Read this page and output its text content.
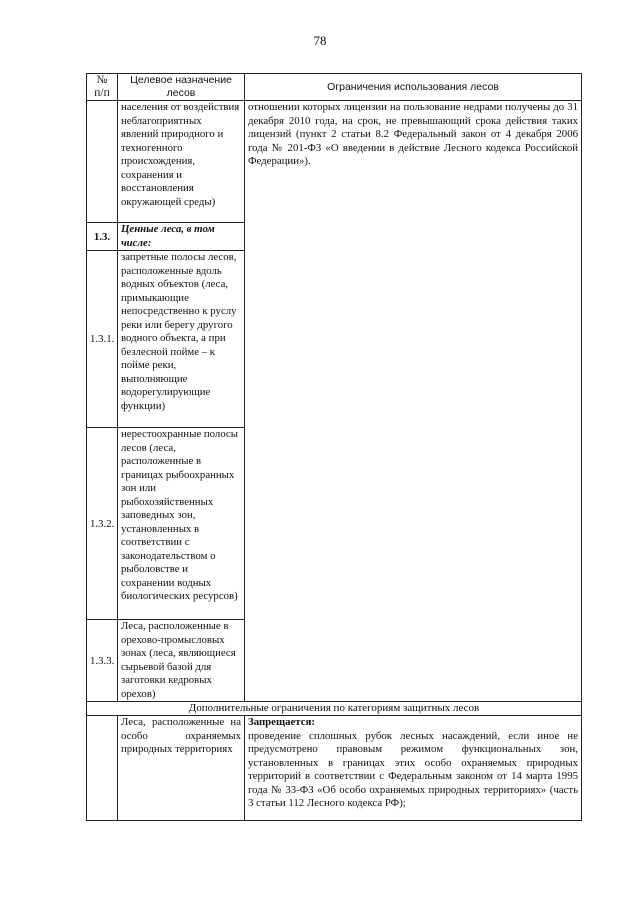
78
№
п/п	Целевое назначение лесов	Ограничения использования лесов
	населения от воздействия неблагоприятных явлений природного и техногенного происхождения, сохранения и восстановления окружающей среды)	отношении которых лицензии на пользование недрами получены до 31 декабря 2010 года, на срок, не превышающий срока действия таких лицензий (пункт 2 статьи 8.2 Федеральный закон от 4 декабря 2006 года № 201-ФЗ «О введении в действие Лесного кодекса Российской Федерации»).
1.3.	Ценные леса, в том числе:	
1.3.1.	запретные полосы лесов, расположенные вдоль водных объектов (леса, примыкающие непосредственно к руслу реки или берегу другого водного объекта, а при безлесной пойме – к пойме реки, выполняющие водорегулирующие функции)	
1.3.2.	нерестоохранные полосы лесов (леса, расположенные в границах рыбоохранных зон или рыбохозяйственных заповедных зон, установленных в соответствии с законодательством о рыболовстве и сохранении водных биологических ресурсов)	
1.3.3.	Леса, расположенные в орехово-промысловых зонах (леса, являющиеся сырьевой базой для заготовки кедровых орехов)	
Дополнительные ограничения по категориям защитных лесов		
	Леса, расположенные на особо охраняемых природных территориях	Запрещается:
проведение сплошных рубок лесных насаждений, если иное не предусмотрено правовым режимом функциональных зон, установленных в границах этих особо охраняемых природных территорий в соответствии с Федеральным законом от 14 марта 1995 года № 33-ФЗ «Об особо охраняемых природных территориях» (часть 3 статьи 112 Лесного кодекса РФ);
